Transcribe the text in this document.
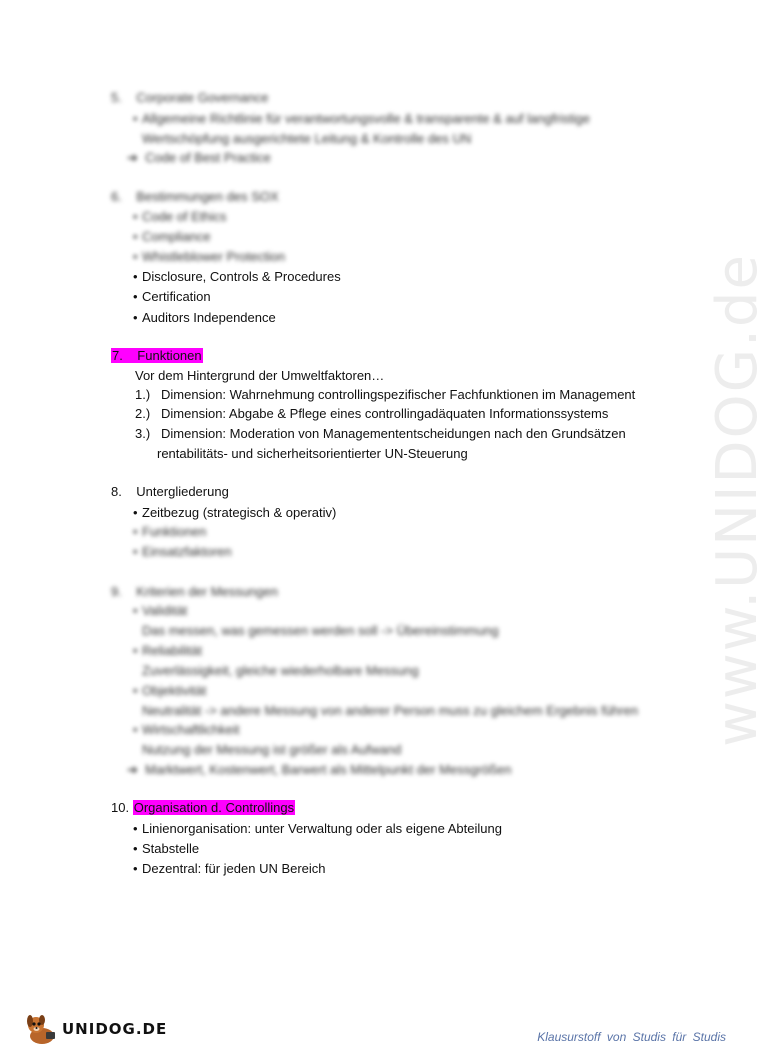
www.UNIDOG.de
5. Corporate Governance
• Allgemeine Richtlinie für verantwortungsvolle & transparente & auf langfristige
Wertschöpfung ausgerichtete Leitung & Kontrolle des UN
➔ Code of Best Practice
6. Bestimmungen des SOX
• Code of Ethics
• Compliance
• Whistleblower Protection
• Disclosure, Controls & Procedures
• Certification
• Auditors Independence
7. Funktionen
Vor dem Hintergrund der Umweltfaktoren…
1.) Dimension: Wahrnehmung controllingspezifischer Fachfunktionen im Management
2.) Dimension: Abgabe & Pflege eines controllingadäquaten Informationssystems
3.) Dimension: Moderation von Managemententscheidungen nach den Grundsätzen
rentabilitäts- und sicherheitsorientierter UN-Steuerung
8. Untergliederung
• Zeitbezug (strategisch & operativ)
• Funktionen
• Einsatzfaktoren
9. Kriterien der Messungen
• Validität
Das messen, was gemessen werden soll -> Übereinstimmung
• Reliabilität
Zuverlässigkeit, gleiche wiederholbare Messung
• Objektivität
Neutralität -> andere Messung von anderer Person muss zu gleichem Ergebnis führen
• Wirtschaftlichkeit
Nutzung der Messung ist größer als Aufwand
➔ Marktwert, Kostenwert, Barwert als Mittelpunkt der Messgrößen
10. Organisation d. Controllings
• Linienorganisation: unter Verwaltung oder als eigene Abteilung
• Stabstelle
• Dezentral: für jeden UN Bereich
UNIDOG.DE	Klausurstoff von Studis für Studis
